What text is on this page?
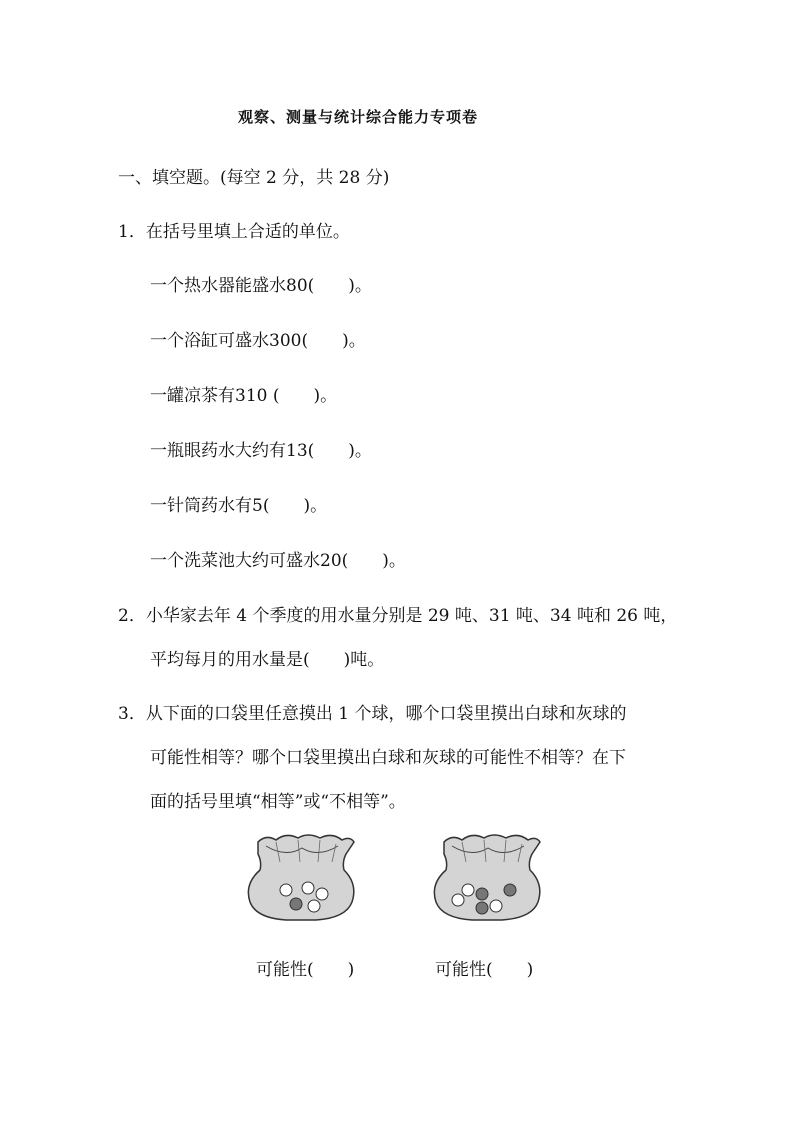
观察、测量与统计综合能力专项卷
一、填空题。(每空 2 分，共 28 分)
1．在括号里填上合适的单位。
一个热水器能盛水80(　　)。
一个浴缸可盛水300(　　)。
一罐凉茶有310 (　　)。
一瓶眼药水大约有13(　　)。
一针筒药水有5(　　)。
一个洗菜池大约可盛水20(　　)。
2．小华家去年 4 个季度的用水量分别是 29 吨、31 吨、34 吨和 26 吨，
平均每月的用水量是(　　)吨。
3．从下面的口袋里任意摸出 1 个球，哪个口袋里摸出白球和灰球的
可能性相等？哪个口袋里摸出白球和灰球的可能性不相等？在下
面的括号里填“相等”或“不相等”。
可能性(　　)	可能性(　　)
